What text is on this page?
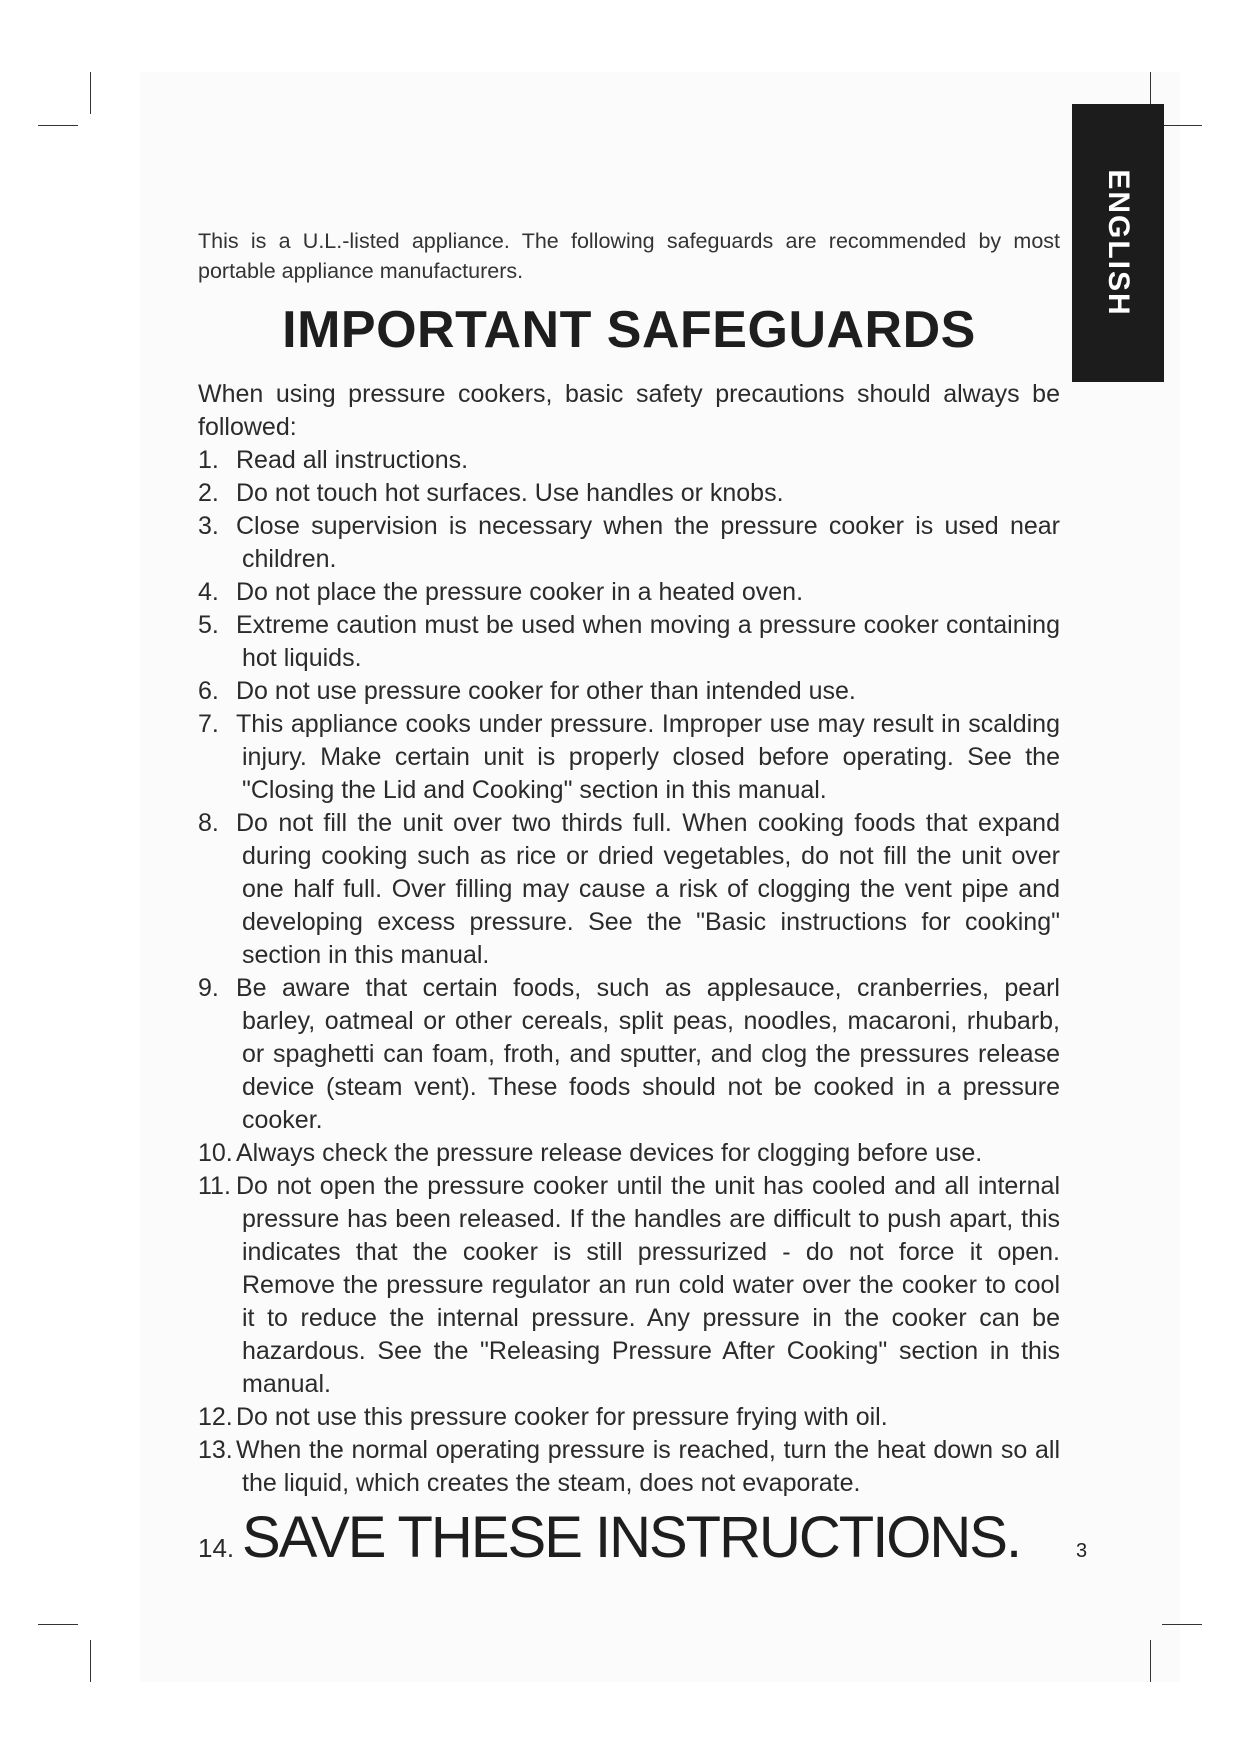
ENGLISH

This is a U.L.-listed appliance. The following safeguards are recommended by most portable appliance manufacturers.

IMPORTANT SAFEGUARDS

When using pressure cookers, basic safety precautions should always be followed:

1. Read all instructions.
2. Do not touch hot surfaces. Use handles or knobs.
3. Close supervision is necessary when the pressure cooker is used near children.
4. Do not place the pressure cooker in a heated oven.
5. Extreme caution must be used when moving a pressure cooker containing hot liquids.
6. Do not use pressure cooker for other than intended use.
7. This appliance cooks under pressure. Improper use may result in scalding injury. Make certain unit is properly closed before operating. See the "Closing the Lid and Cooking" section in this manual.
8. Do not fill the unit over two thirds full. When cooking foods that expand during cooking such as rice or dried vegetables, do not fill the unit over one half full. Over filling may cause a risk of clogging the vent pipe and developing excess pressure. See the "Basic instructions for cooking" section in this manual.
9. Be aware that certain foods, such as applesauce, cranberries, pearl barley, oatmeal or other cereals, split peas, noodles, macaroni, rhubarb, or spaghetti can foam, froth, and sputter, and clog the pressures release device (steam vent). These foods should not be cooked in a pressure cooker.
10. Always check the pressure release devices for clogging before use.
11. Do not open the pressure cooker until the unit has cooled and all internal pressure has been released. If the handles are difficult to push apart, this indicates that the cooker is still pressurized - do not force it open. Remove the pressure regulator an run cold water over the cooker to cool it to reduce the internal pressure. Any pressure in the cooker can be hazardous. See the "Releasing Pressure After Cooking" section in this manual.
12. Do not use this pressure cooker for pressure frying with oil.
13. When the normal operating pressure is reached, turn the heat down so all the liquid, which creates the steam, does not evaporate.
14. SAVE THESE INSTRUCTIONS.	3
